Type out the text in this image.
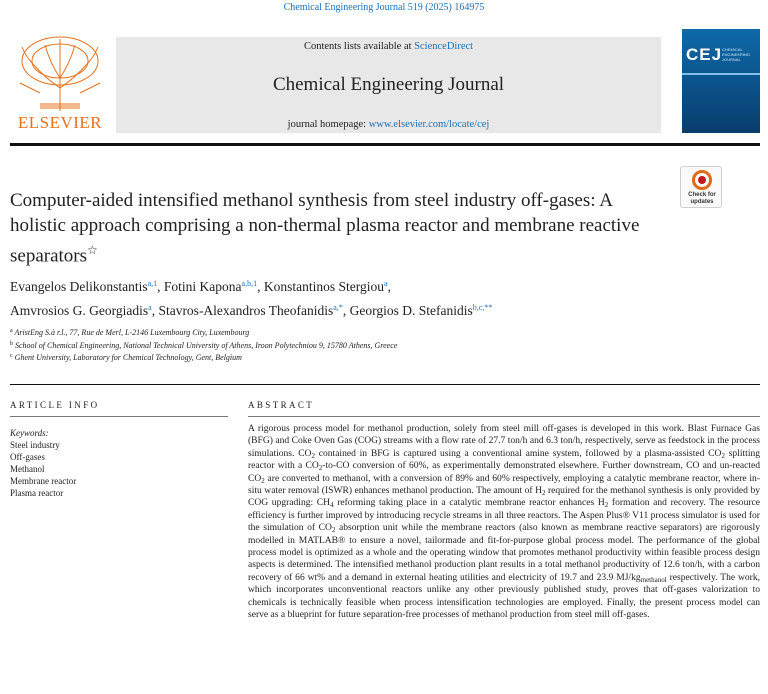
Chemical Engineering Journal 519 (2025) 164975
ELSEVIER
Contents lists available at ScienceDirect
Chemical Engineering Journal
journal homepage: www.elsevier.com/locate/cej
CEJ CHEMICAL ENGINEERING JOURNAL
Check for
updates
Computer-aided intensified methanol synthesis from steel industry off-gases: A holistic approach comprising a non-thermal plasma reactor and membrane reactive separators☆
Evangelos Delikonstantis$^{a,1}$, Fotini Kapona$^{a,b,1}$, Konstantinos Stergiou$^a$,
Amvrosios G. Georgiadis$^a$, Stavros-Alexandros Theofanidis$^{a,*}$, Georgios D. Stefanidis$^{b,c,**}$
$^a$ AristEng S.à r.l., 77, Rue de Merl, L-2146 Luxembourg City, Luxembourg
$^b$ School of Chemical Engineering, National Technical University of Athens, Iroon Polytechniou 9, 15780 Athens, Greece
$^c$ Ghent University, Laboratory for Chemical Technology, Gent, Belgium
ARTICLE INFO	ABSTRACT
Keywords:
Steel industry
Off-gases
Methanol
Membrane reactor
Plasma reactor
A rigorous process model for methanol production, solely from steel mill off-gases is developed in this work. Blast Furnace Gas (BFG) and Coke Oven Gas (COG) streams with a flow rate of 27.7 ton/h and 6.3 ton/h, respectively, serve as feedstock in the process simulations. $CO_2$ contained in BFG is captured using a conventional amine system, followed by a plasma-assisted $CO_2$ splitting reactor with a $CO_2-to-CO$ conversion of 60%, as experimentally demonstrated elsewhere. Further downstream, CO and un-reacted $CO_2$ are converted to methanol, with a conversion of 89% and 60% respectively, employing a catalytic membrane reactor, where in-situ water removal (ISWR) enhances methanol production. The amount of $H_2$ required for the methanol synthesis is only provided by COG upgrading: $CH_4$ reforming taking place in a catalytic membrane reactor enhances $H_2$ formation and recovery. The resource efficiency is further improved by introducing recycle streams in all three reactors. The Aspen Plus® V11 process simulator is used for the simulation of $CO_2$ absorption unit while the membrane reactors (also known as membrane reactive separators) are rigorously modelled in MATLAB® to ensure a novel, tailormade and fit-for-purpose global process model. The performance of the global process model is optimized as a whole and the operating window that promotes methanol productivity within feasible process design aspects is determined. The intensified methanol production plant results in a total methanol productivity of 12.6 ton/h, with a carbon recovery of 66 wt% and a demand in external heating utilities and electricity of 19.7 and 23.9 $MJ/kg_{methanol}$ respectively. The work, which incorporates unconventional reactors unlike any other previously published study, proves that off-gases valorization to chemicals is technically feasible when process intensification technologies are employed. Finally, the present process model can serve as a blueprint for future separation-free processes of methanol production from steel mill off-gases.
